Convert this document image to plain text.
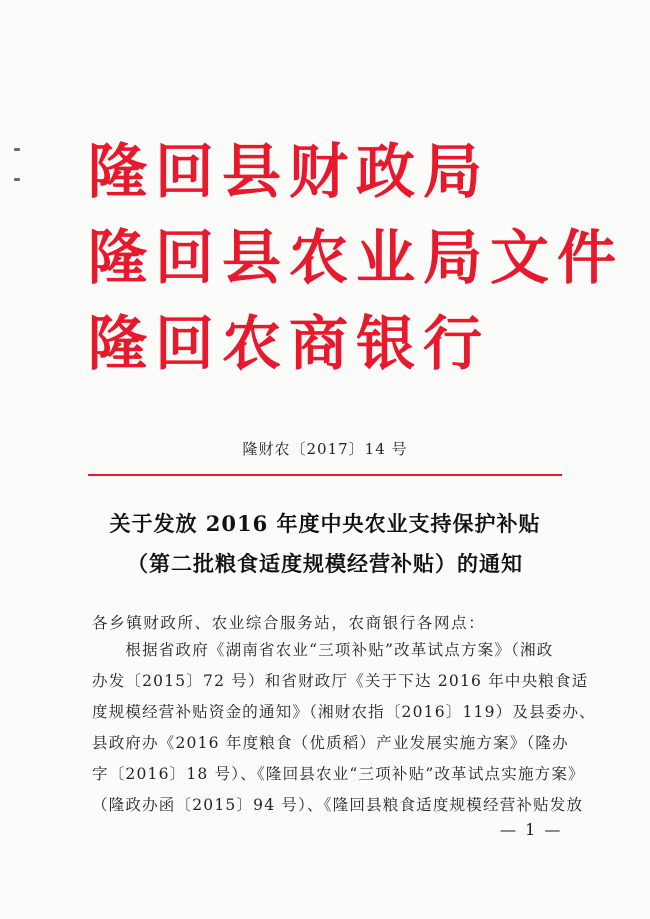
隆回县财政局
隆回县农业局文件
隆回农商银行
隆财农〔2017〕14 号
关于发放 2016 年度中央农业支持保护补贴
（第二批粮食适度规模经营补贴）的通知
各乡镇财政所、农业综合服务站，农商银行各网点：
　　根据省政府《湖南省农业“三项补贴”改革试点方案》（湘政
办发〔2015〕72 号）和省财政厅《关于下达 2016 年中央粮食适
度规模经营补贴资金的通知》（湘财农指〔2016〕119）及县委办、
县政府办《2016 年度粮食（优质稻）产业发展实施方案》（隆办
字〔2016〕18 号）、《隆回县农业“三项补贴”改革试点实施方案》
（隆政办函〔2015〕94 号）、《隆回县粮食适度规模经营补贴发放
— 1 —
